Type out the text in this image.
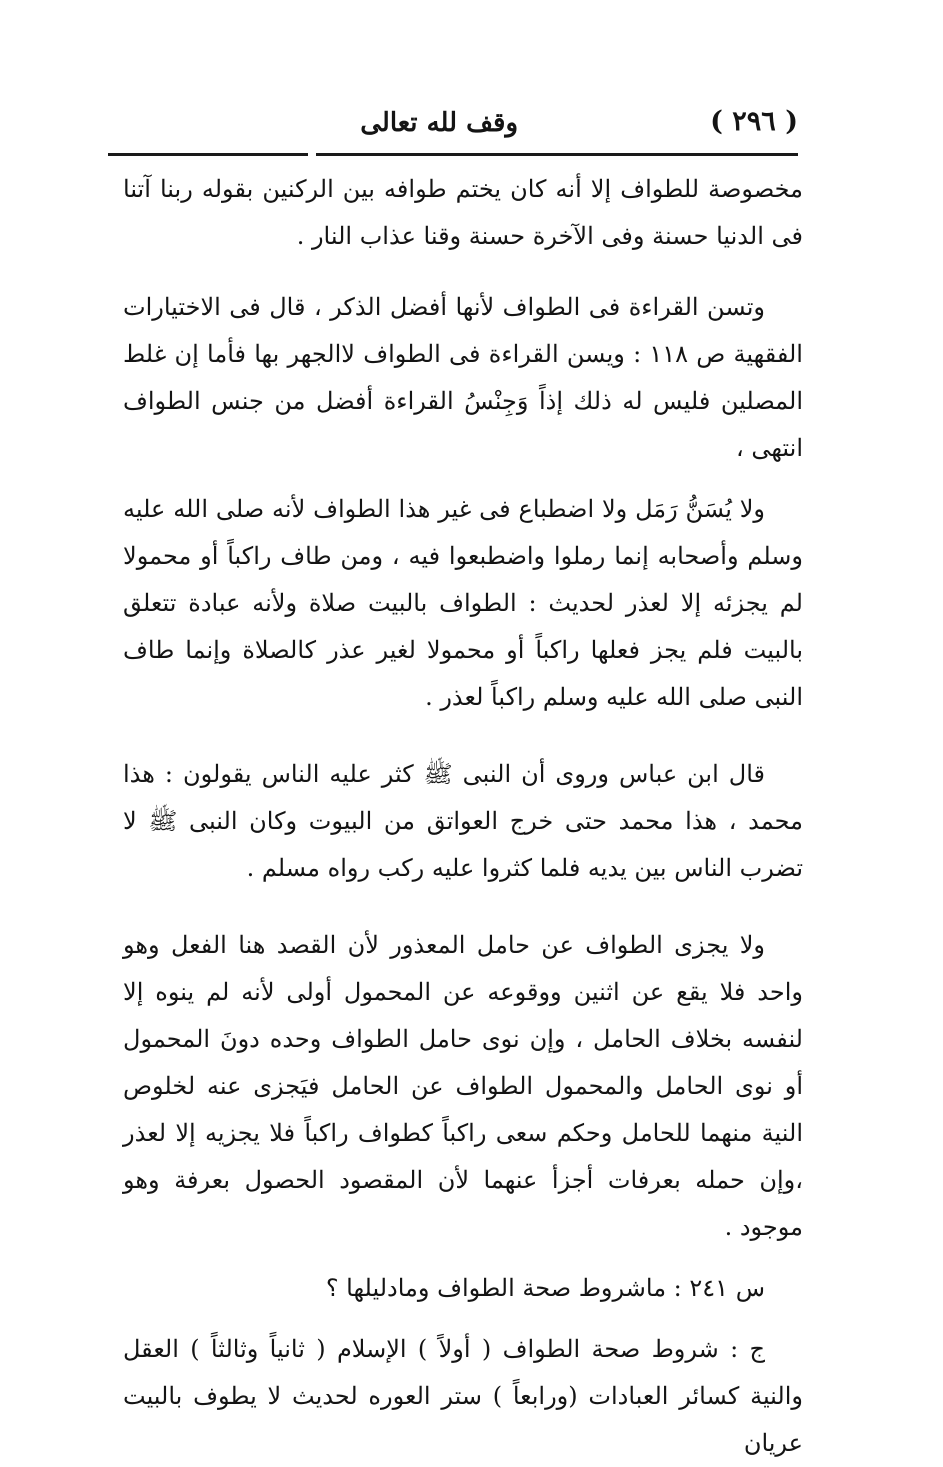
( ٢٩٦ )
وقف لله تعالى

مخصوصة للطواف إلا أنه كان يختم طوافه بين الركنين بقوله ربنا آتنا فى الدنيا حسنة وفى الآخرة حسنة وقنا عذاب النار .

وتسن القراءة فى الطواف لأنها أفضل الذكر ، قال فى الاختيارات الفقهية ص ١١٨ : ويسن القراءة فى الطواف لاالجهر بها فأما إن غلط المصلين فليس له ذلك إذاً وَجِنْسُ القراءة أفضل من جنس الطواف انتهى ،

ولا يُسَنُّ رَمَل ولا اضطباع فى غير هذا الطواف لأنه صلى الله عليه وسلم وأصحابه إنما رملوا واضطبعوا فيه ، ومن طاف راكباً أو محمولا لم يجزئه إلا لعذر لحديث : الطواف بالبيت صلاة ولأنه عبادة تتعلق بالبيت فلم يجز فعلها راكباً أو محمولا لغير عذر كالصلاة وإنما طاف النبى صلى الله عليه وسلم راكباً لعذر .

قال ابن عباس وروى أن النبى ﷺ كثر عليه الناس يقولون : هذا محمد ، هذا محمد حتى خرج العواتق من البيوت وكان النبى ﷺ لا تضرب الناس بين يديه فلما كثروا عليه ركب رواه مسلم .

ولا يجزى الطواف عن حامل المعذور لأن القصد هنا الفعل وهو واحد فلا يقع عن اثنين ووقوعه عن المحمول أولى لأنه لم ينوه إلا لنفسه بخلاف الحامل ، وإن نوى حامل الطواف وحده دونَ المحمول أو نوى الحامل والمحمول الطواف عن الحامل فيَجزى عنه لخلوص النية منهما للحامل وحكم سعى راكباً كطواف راكباً فلا يجزيه إلا لعذر ،وإن حمله بعرفات أجزأ عنهما لأن المقصود الحصول بعرفة وهو موجود .

س ٢٤١ : ماشروط صحة الطواف ومادليلها ؟

ج : شروط صحة الطواف ( أولاً ) الإسلام ( ثانياً وثالثاً ) العقل والنية كسائر العبادات (ورابعاً ) ستر العوره لحديث لا يطوف بالبيت عريان
